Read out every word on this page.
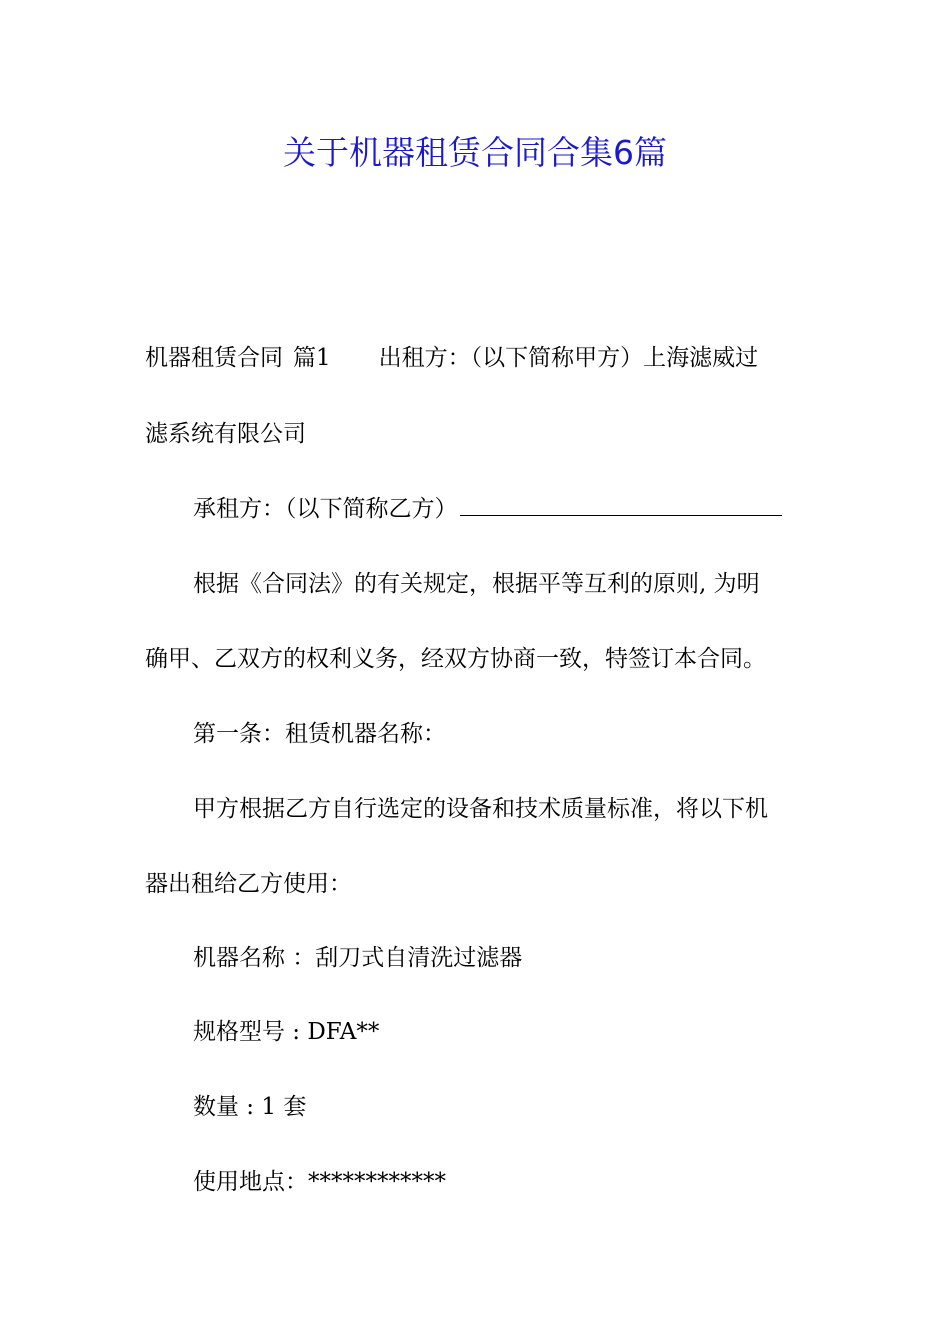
关于机器租赁合同合集6篇

机器租赁合同 篇1 出租方：（以下简称甲方）上海滤威过

滤系统有限公司

承租方：（以下简称乙方）

根据《合同法》的有关规定，根据平等互利的原则, 为明

确甲、乙双方的权利义务，经双方协商一致，特签订本合同。

第一条：租赁机器名称：

甲方根据乙方自行选定的设备和技术质量标准，将以下机

器出租给乙方使用：

机器名称 ：刮刀式自清洗过滤器

规格型号 : DFA**

数量 : 1 套

使用地点：************
